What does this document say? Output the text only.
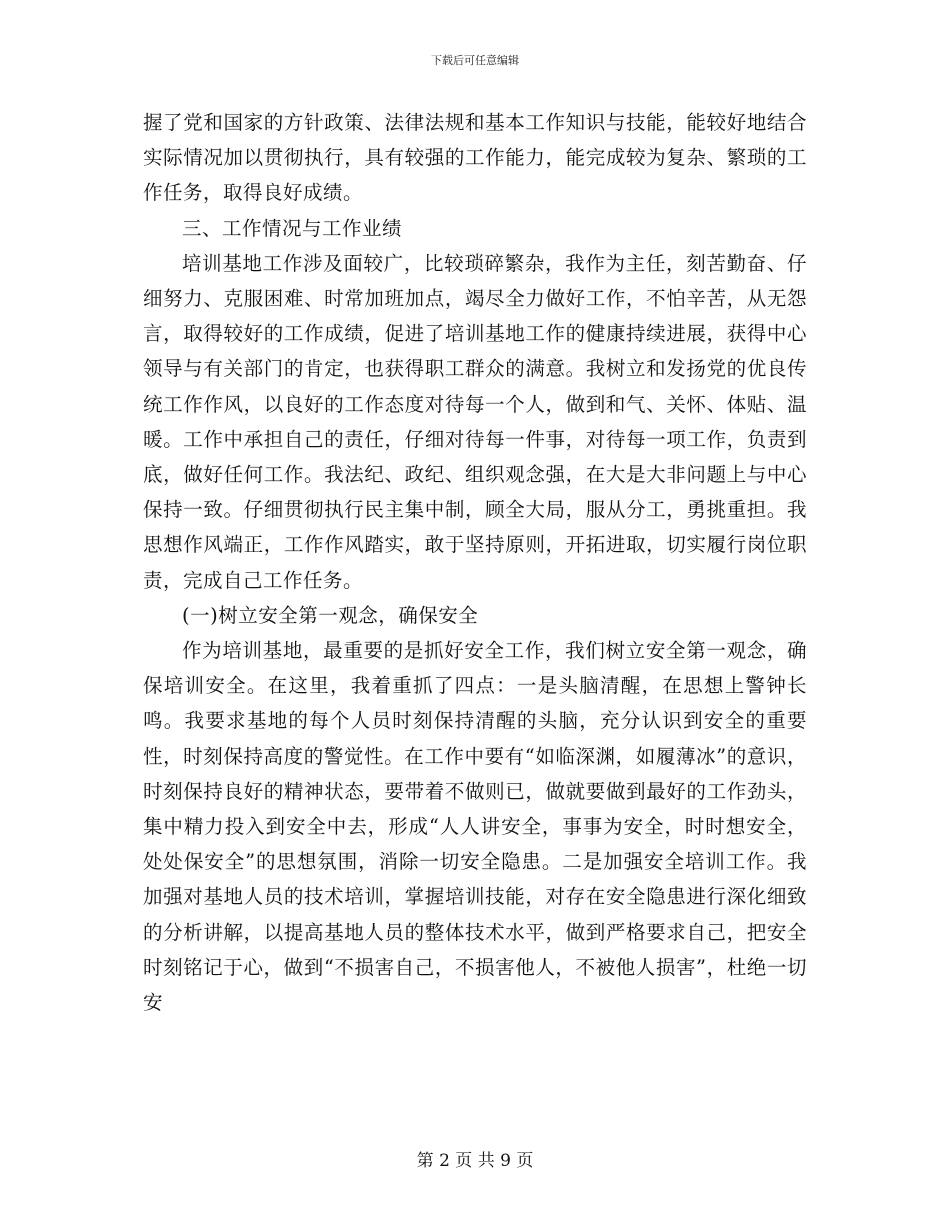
下载后可任意编辑

握了党和国家的方针政策、法律法规和基本工作知识与技能，能较好地结合实际情况加以贯彻执行，具有较强的工作能力，能完成较为复杂、繁琐的工作任务，取得良好成绩。

三、工作情况与工作业绩

培训基地工作涉及面较广，比较琐碎繁杂，我作为主任，刻苦勤奋、仔细努力、克服困难、时常加班加点，竭尽全力做好工作，不怕辛苦，从无怨言，取得较好的工作成绩，促进了培训基地工作的健康持续进展，获得中心领导与有关部门的肯定，也获得职工群众的满意。我树立和发扬党的优良传统工作作风，以良好的工作态度对待每一个人，做到和气、关怀、体贴、温暖。工作中承担自己的责任，仔细对待每一件事，对待每一项工作，负责到底，做好任何工作。我法纪、政纪、组织观念强，在大是大非问题上与中心保持一致。仔细贯彻执行民主集中制，顾全大局，服从分工，勇挑重担。我思想作风端正，工作作风踏实，敢于坚持原则，开拓进取，切实履行岗位职责，完成自己工作任务。

(一)树立安全第一观念，确保安全

作为培训基地，最重要的是抓好安全工作，我们树立安全第一观念，确保培训安全。在这里，我着重抓了四点：一是头脑清醒，在思想上警钟长鸣。我要求基地的每个人员时刻保持清醒的头脑，充分认识到安全的重要性，时刻保持高度的警觉性。在工作中要有“如临深渊，如履薄冰”的意识，时刻保持良好的精神状态，要带着不做则已，做就要做到最好的工作劲头，集中精力投入到安全中去，形成“人人讲安全，事事为安全，时时想安全，处处保安全”的思想氛围，消除一切安全隐患。二是加强安全培训工作。我加强对基地人员的技术培训，掌握培训技能，对存在安全隐患进行深化细致的分析讲解，以提高基地人员的整体技术水平，做到严格要求自己，把安全时刻铭记于心，做到“不损害自己，不损害他人，不被他人损害”，杜绝一切安

第 2 页 共 9 页
